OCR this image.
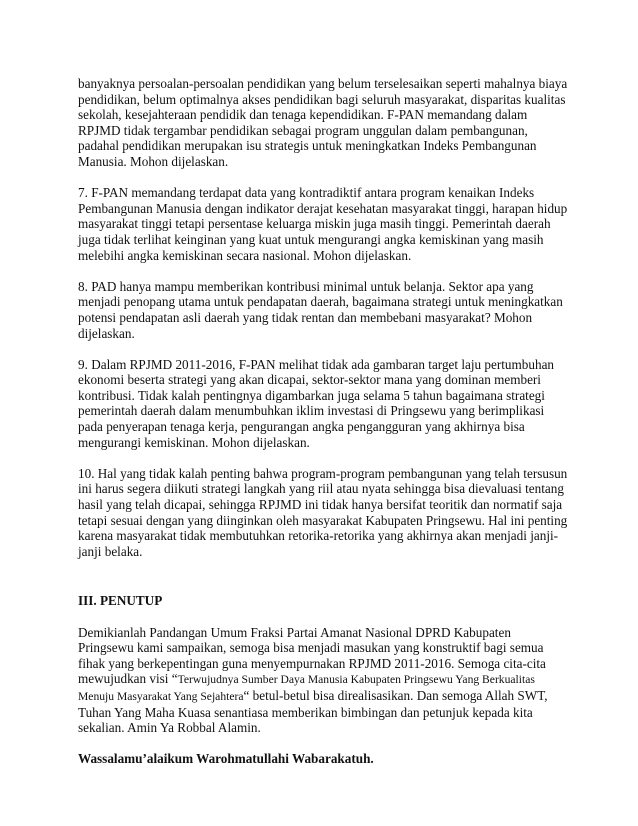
banyaknya persoalan-persoalan pendidikan yang belum terselesaikan seperti mahalnya biaya pendidikan, belum optimalnya akses pendidikan bagi seluruh masyarakat, disparitas kualitas sekolah, kesejahteraan pendidik dan tenaga kependidikan. F-PAN memandang dalam RPJMD tidak tergambar pendidikan sebagai program unggulan dalam pembangunan, padahal pendidikan merupakan isu strategis untuk meningkatkan Indeks Pembangunan Manusia. Mohon dijelaskan.

7. F-PAN memandang terdapat data yang kontradiktif antara program kenaikan Indeks Pembangunan Manusia dengan indikator derajat kesehatan masyarakat tinggi, harapan hidup masyarakat tinggi tetapi persentase keluarga miskin juga masih tinggi. Pemerintah daerah juga tidak terlihat keinginan yang kuat untuk mengurangi angka kemiskinan yang masih melebihi angka kemiskinan secara nasional. Mohon dijelaskan.

8. PAD hanya mampu memberikan kontribusi minimal untuk belanja. Sektor apa yang menjadi penopang utama untuk pendapatan daerah, bagaimana strategi untuk meningkatkan potensi pendapatan asli daerah yang tidak rentan dan membebani masyarakat? Mohon dijelaskan.

9. Dalam RPJMD 2011-2016, F-PAN melihat tidak ada gambaran target laju pertumbuhan ekonomi beserta strategi yang akan dicapai, sektor-sektor mana yang dominan memberi kontribusi. Tidak kalah pentingnya digambarkan juga selama 5 tahun bagaimana strategi pemerintah daerah dalam menumbuhkan iklim investasi di Pringsewu yang berimplikasi pada penyerapan tenaga kerja, pengurangan angka pengangguran yang akhirnya bisa mengurangi kemiskinan. Mohon dijelaskan.

10. Hal yang tidak kalah penting bahwa program-program pembangunan yang telah tersusun ini harus segera diikuti strategi langkah yang riil atau nyata sehingga bisa dievaluasi tentang hasil yang telah dicapai, sehingga RPJMD ini tidak hanya bersifat teoritik dan normatif saja tetapi sesuai dengan yang diinginkan oleh masyarakat Kabupaten Pringsewu. Hal ini penting karena masyarakat tidak membutuhkan retorika-retorika yang akhirnya akan menjadi janji-janji belaka.

III. PENUTUP

Demikianlah Pandangan Umum Fraksi Partai Amanat Nasional DPRD Kabupaten Pringsewu kami sampaikan, semoga bisa menjadi masukan yang konstruktif bagi semua fihak yang berkepentingan guna menyempurnakan RPJMD 2011-2016. Semoga cita-cita mewujudkan visi “Terwujudnya Sumber Daya Manusia Kabupaten Pringsewu Yang Berkualitas Menuju Masyarakat Yang Sejahtera“ betul-betul bisa direalisasikan. Dan semoga Allah SWT, Tuhan Yang Maha Kuasa senantiasa memberikan bimbingan dan petunjuk kepada kita sekalian. Amin Ya Robbal Alamin.

Wassalamu’alaikum Warohmatullahi Wabarakatuh.
